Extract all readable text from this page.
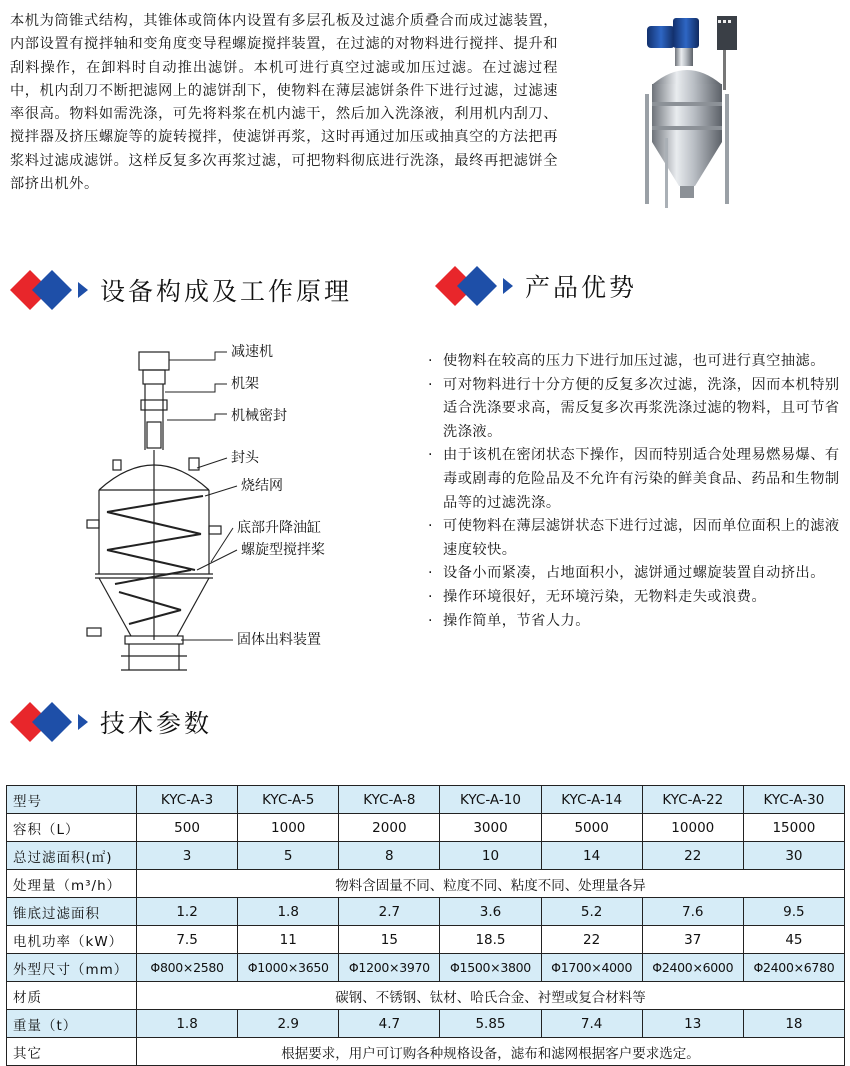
本机为筒锥式结构，其锥体或筒体内设置有多层孔板及过滤介质叠合而成过滤装置，内部设置有搅拌轴和变角度变导程螺旋搅拌装置，在过滤的对物料进行搅拌、提升和刮料操作，在卸料时自动推出滤饼。本机可进行真空过滤或加压过滤。在过滤过程中，机内刮刀不断把滤网上的滤饼刮下，使物料在薄层滤饼条件下进行过滤，过滤速率很高。物料如需洗涤，可先将料浆在机内滤干，然后加入洗涤液，利用机内刮刀、搅拌器及挤压螺旋等的旋转搅拌，使滤饼再浆，这时再通过加压或抽真空的方法把再浆料过滤成滤饼。这样反复多次再浆过滤，可把物料彻底进行洗涤，最终再把滤饼全部挤出机外。

设备构成及工作原理	产品优势
减速机
机架
机械密封
封头
烧结网
底部升降油缸
螺旋型搅拌桨
固体出料装置
· 使物料在较高的压力下进行加压过滤，也可进行真空抽滤。
· 可对物料进行十分方便的反复多次过滤，洗涤，因而本机特别适合洗涤要求高，需反复多次再浆洗涤过滤的物料，且可节省洗涤液。
· 由于该机在密闭状态下操作，因而特别适合处理易燃易爆、有毒或剧毒的危险品及不允许有污染的鲜美食品、药品和生物制品等的过滤洗涤。
· 可使物料在薄层滤饼状态下进行过滤，因而单位面积上的滤液速度较快。
· 设备小而紧凑，占地面积小，滤饼通过螺旋装置自动挤出。
· 操作环境很好，无环境污染，无物料走失或浪费。
· 操作简单，节省人力。
技术参数
型号	KYC-A-3	KYC-A-5	KYC-A-8	KYC-A-10	KYC-A-14	KYC-A-22	KYC-A-30
容积（L）	500	1000	2000	3000	5000	10000	15000
总过滤面积(㎡)	3	5	8	10	14	22	30
处理量（m³/h）	物料含固量不同、粒度不同、粘度不同、处理量各异						
锥底过滤面积	1.2	1.8	2.7	3.6	5.2	7.6	9.5
电机功率（kW）	7.5	11	15	18.5	22	37	45
外型尺寸（mm）	Φ800×2580	Φ1000×3650	Φ1200×3970	Φ1500×3800	Φ1700×4000	Φ2400×6000	Φ2400×6780
材质	碳钢、不锈钢、钛材、哈氏合金、衬塑或复合材料等						
重量（t）	1.8	2.9	4.7	5.85	7.4	13	18
其它	根据要求，用户可订购各种规格设备，滤布和滤网根据客户要求选定。						
